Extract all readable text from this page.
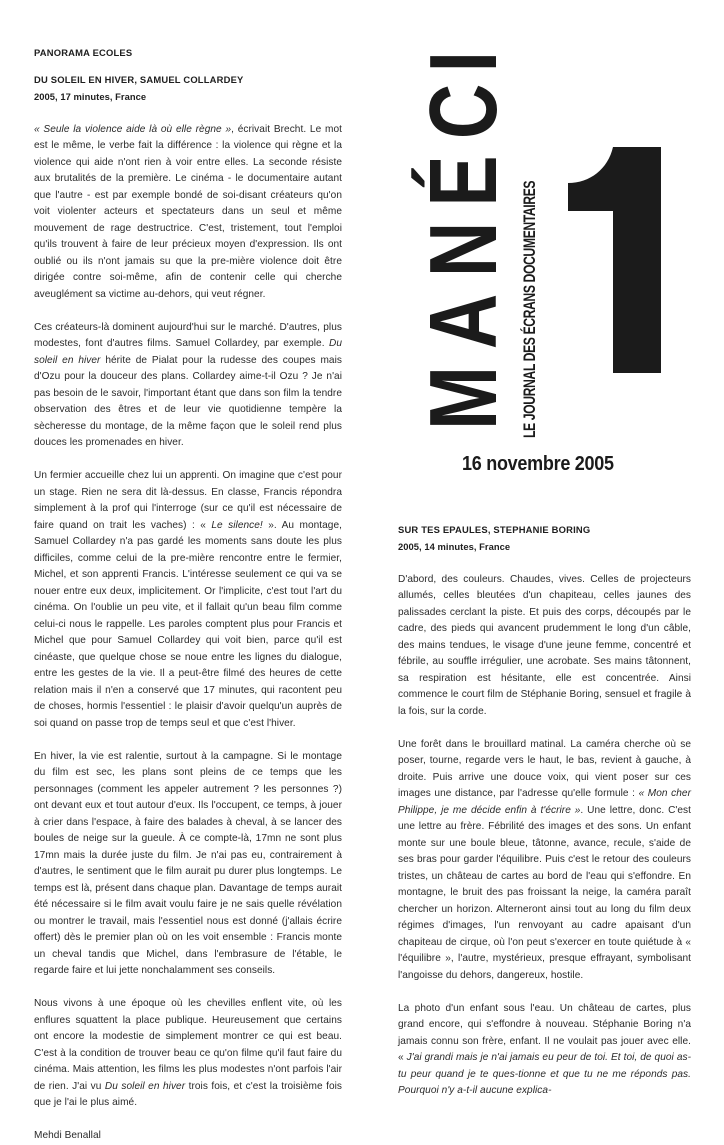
M
A
N
É
C
I
LE JOURNAL DES ÉCRANS DOCUMENTAIRES
16 novembre 2005
PANORAMA ECOLES
DU SOLEIL EN HIVER, SAMUEL COLLARDEY
2005, 17 minutes, France

« Seule la violence aide là où elle règne », écrivait Brecht. Le mot est le même, le verbe fait la différence : la violence qui règne et la violence qui aide n'ont rien à voir entre elles. La seconde résiste aux brutalités de la première. Le cinéma - le documentaire autant que l'autre - est par exemple bondé de soi-disant créateurs qu'on voit violenter acteurs et spectateurs dans un seul et même mouvement de rage destructrice. C'est, tristement, tout l'emploi qu'ils trouvent à faire de leur précieux moyen d'expression. Ils ont oublié ou ils n'ont jamais su que la pre-mière violence doit être dirigée contre soi-même, afin de contenir celle qui cherche aveuglément sa victime au-dehors, qui veut régner.

Ces créateurs-là dominent aujourd'hui sur le marché. D'autres, plus modestes, font d'autres films. Samuel Collardey, par exemple. Du soleil en hiver hérite de Pialat pour la rudesse des coupes mais d'Ozu pour la douceur des plans. Collardey aime-t-il Ozu ? Je n'ai pas besoin de le savoir, l'important étant que dans son film la tendre observation des êtres et de leur vie quotidienne tempère la sècheresse du montage, de la même façon que le soleil rend plus douces les promenades en hiver.

Un fermier accueille chez lui un apprenti. On imagine que c'est pour un stage. Rien ne sera dit là-dessus. En classe, Francis répondra simplement à la prof qui l'interroge (sur ce qu'il est nécessaire de faire quand on trait les vaches) : « Le silence! ». Au montage, Samuel Collardey n'a pas gardé les moments sans doute les plus difficiles, comme celui de la pre-mière rencontre entre le fermier, Michel, et son apprenti Francis. L'intéresse seulement ce qui va se nouer entre eux deux, implicitement. Or l'implicite, c'est tout l'art du cinéma. On l'oublie un peu vite, et il fallait qu'un beau film comme celui-ci nous le rappelle. Les paroles comptent plus pour Francis et Michel que pour Samuel Collardey qui voit bien, parce qu'il est cinéaste, que quelque chose se noue entre les lignes du dialogue, entre les gestes de la vie. Il a peut-être filmé des heures de cette relation mais il n'en a conservé que 17 minutes, qui racontent peu de choses, hormis l'essentiel : le plaisir d'avoir quelqu'un auprès de soi quand on passe trop de temps seul et que c'est l'hiver.

En hiver, la vie est ralentie, surtout à la campagne. Si le montage du film est sec, les plans sont pleins de ce temps que les personnages (comment les appeler autrement ? les personnes ?) ont devant eux et tout autour d'eux. Ils l'occupent, ce temps, à jouer à crier dans l'espace, à faire des balades à cheval, à se lancer des boules de neige sur la gueule. À ce compte-là, 17mn ne sont plus 17mn mais la durée juste du film. Je n'ai pas eu, contrairement à d'autres, le sentiment que le film aurait pu durer plus longtemps. Le temps est là, présent dans chaque plan. Davantage de temps aurait été nécessaire si le film avait voulu faire je ne sais quelle révélation ou montrer le travail, mais l'essentiel nous est donné (j'allais écrire offert) dès le premier plan où on les voit ensemble : Francis monte un cheval tandis que Michel, dans l'embrasure de l'étable, le regarde faire et lui jette nonchalamment ses conseils.

Nous vivons à une époque où les chevilles enflent vite, où les enflures squattent la place publique. Heureusement que certains ont encore la modestie de simplement montrer ce qui est beau. C'est à la condition de trouver beau ce qu'on filme qu'il faut faire du cinéma. Mais attention, les films les plus modestes n'ont parfois l'air de rien. J'ai vu Du soleil en hiver trois fois, et c'est la troisième fois que je l'ai le plus aimé.

Mehdi Benallal

SUR TES EPAULES, STEPHANIE BORING
2005, 14 minutes, France

D'abord, des couleurs. Chaudes, vives. Celles de projecteurs allumés, celles bleutées d'un chapiteau, celles jaunes des palissades cerclant la piste. Et puis des corps, découpés par le cadre, des pieds qui avancent prudemment le long d'un câble, des mains tendues, le visage d'une jeune femme, concentré et fébrile, au souffle irrégulier, une acrobate. Ses mains tâtonnent, sa respiration est hésitante, elle est concentrée. Ainsi commence le court film de Stéphanie Boring, sensuel et fragile à la fois, sur la corde.

Une forêt dans le brouillard matinal. La caméra cherche où se poser, tourne, regarde vers le haut, le bas, revient à gauche, à droite. Puis arrive une douce voix, qui vient poser sur ces images une distance, par l'adresse qu'elle formule : « Mon cher Philippe, je me décide enfin à t'écrire ». Une lettre, donc. C'est une lettre au frère. Fébrilité des images et des sons. Un enfant monte sur une boule bleue, tâtonne, avance, recule, s'aide de ses bras pour garder l'équilibre. Puis c'est le retour des couleurs tristes, un château de cartes au bord de l'eau qui s'effondre. En montagne, le bruit des pas froissant la neige, la caméra paraît chercher un horizon. Alterneront ainsi tout au long du film deux régimes d'images, l'un renvoyant au cadre apaisant d'un chapiteau de cirque, où l'on peut s'exercer en toute quiétude à « l'équilibre », l'autre, mystérieux, presque effrayant, symbolisant l'angoisse du dehors, dangereux, hostile.

La photo d'un enfant sous l'eau. Un château de cartes, plus grand encore, qui s'effondre à nouveau. Stéphanie Boring n'a jamais connu son frère, enfant. Il ne voulait pas jouer avec elle. « J'ai grandi mais je n'ai jamais eu peur de toi. Et toi, de quoi as-tu peur quand je te ques-tionne et que tu ne me réponds pas. Pourquoi n'y a-t-il aucune explica-
